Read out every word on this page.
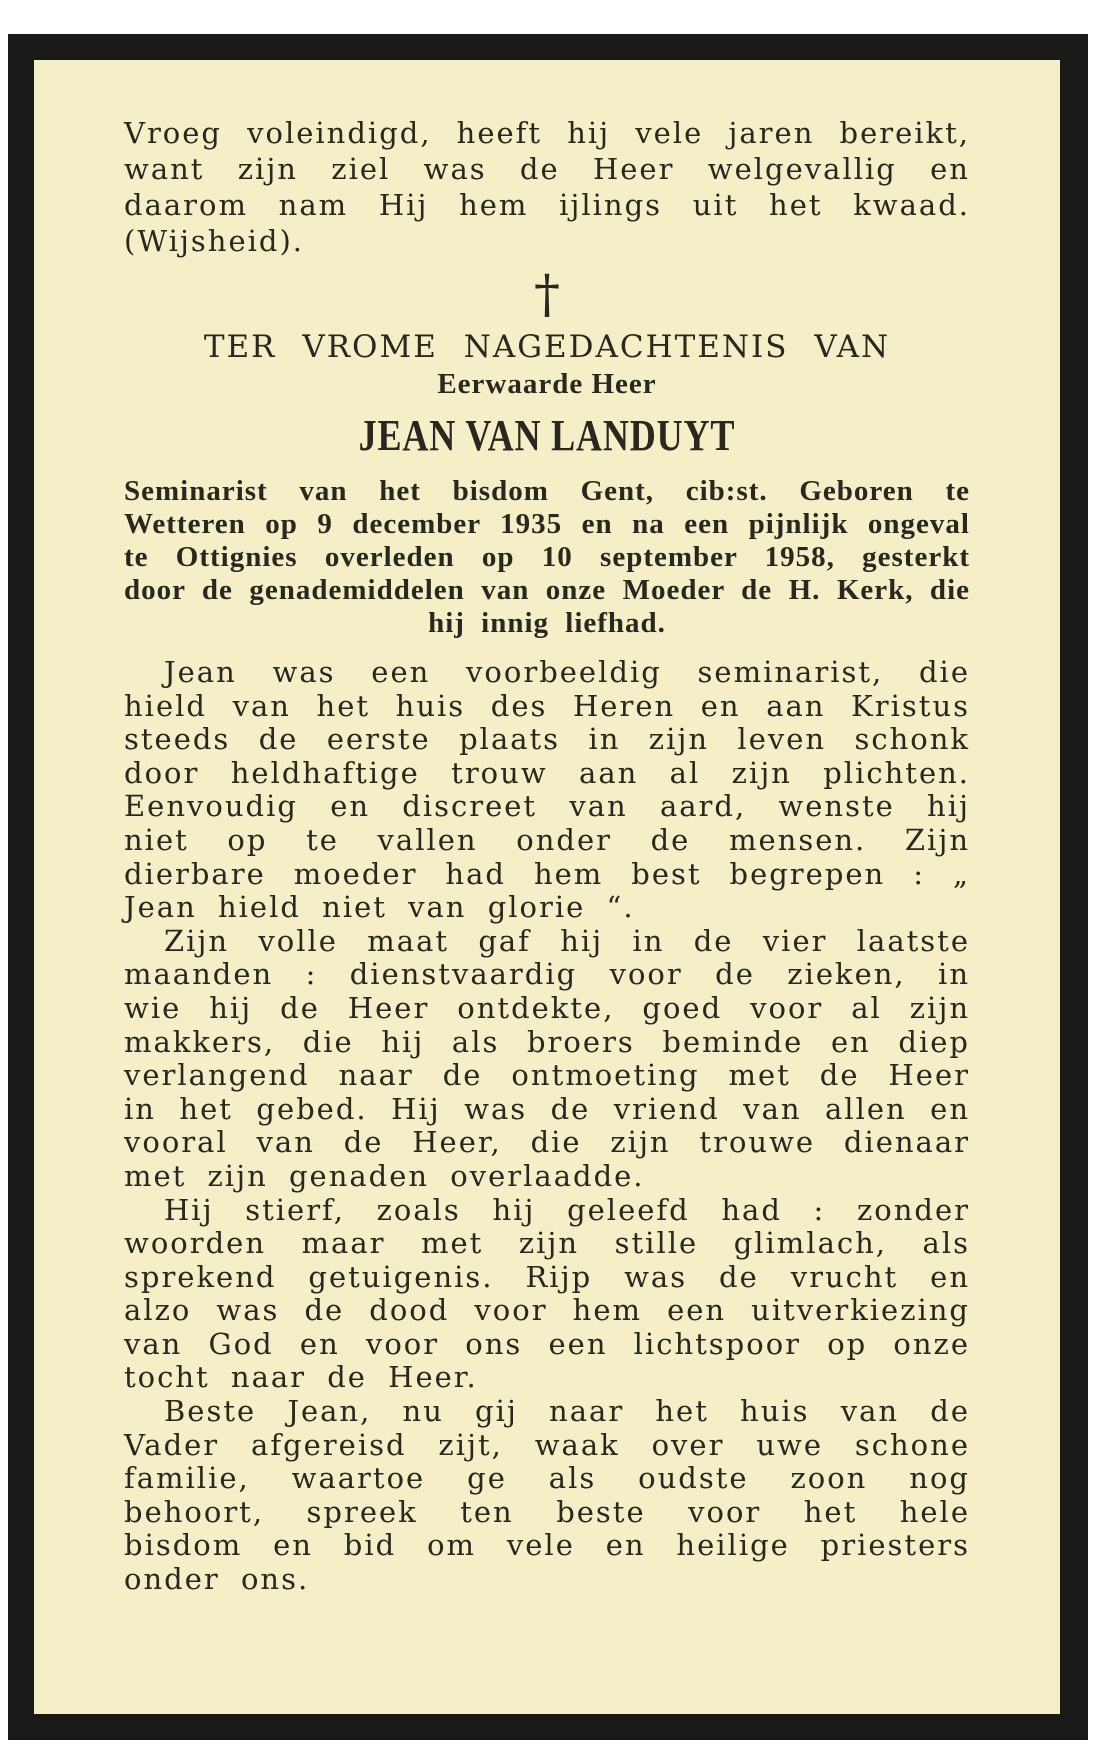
Vroeg voleindigd, heeft hij vele jaren bereikt, want zijn ziel was de Heer welgevallig en daarom nam Hij hem ijlings uit het kwaad. (Wijsheid).

†
TER VROME NAGEDACHTENIS VAN
Eerwaarde Heer
JEAN VAN LANDUYT
Seminarist van het bisdom Gent, cib:st. Geboren te Wetteren op 9 december 1935 en na een pijnlijk ongeval te Ottignies overleden op 10 september 1958, gesterkt door de genademiddelen van onze Moeder de H. Kerk, die hij innig liefhad.

Jean was een voorbeeldig seminarist, die hield van het huis des Heren en aan Kristus steeds de eerste plaats in zijn leven schonk door heldhaftige trouw aan al zijn plichten. Eenvoudig en discreet van aard, wenste hij niet op te vallen onder de mensen. Zijn dierbare moeder had hem best begrepen : „ Jean hield niet van glorie “.

Zijn volle maat gaf hij in de vier laatste maanden : dienstvaardig voor de zieken, in wie hij de Heer ontdekte, goed voor al zijn makkers, die hij als broers beminde en diep verlangend naar de ontmoeting met de Heer in het gebed. Hij was de vriend van allen en vooral van de Heer, die zijn trouwe dienaar met zijn genaden overlaadde.

Hij stierf, zoals hij geleefd had : zonder woorden maar met zijn stille glimlach, als sprekend getuigenis. Rijp was de vrucht en alzo was de dood voor hem een uitverkiezing van God en voor ons een lichtspoor op onze tocht naar de Heer.

Beste Jean, nu gij naar het huis van de Vader afgereisd zijt, waak over uwe schone familie, waartoe ge als oudste zoon nog behoort, spreek ten beste voor het hele bisdom en bid om vele en heilige priesters onder ons.
